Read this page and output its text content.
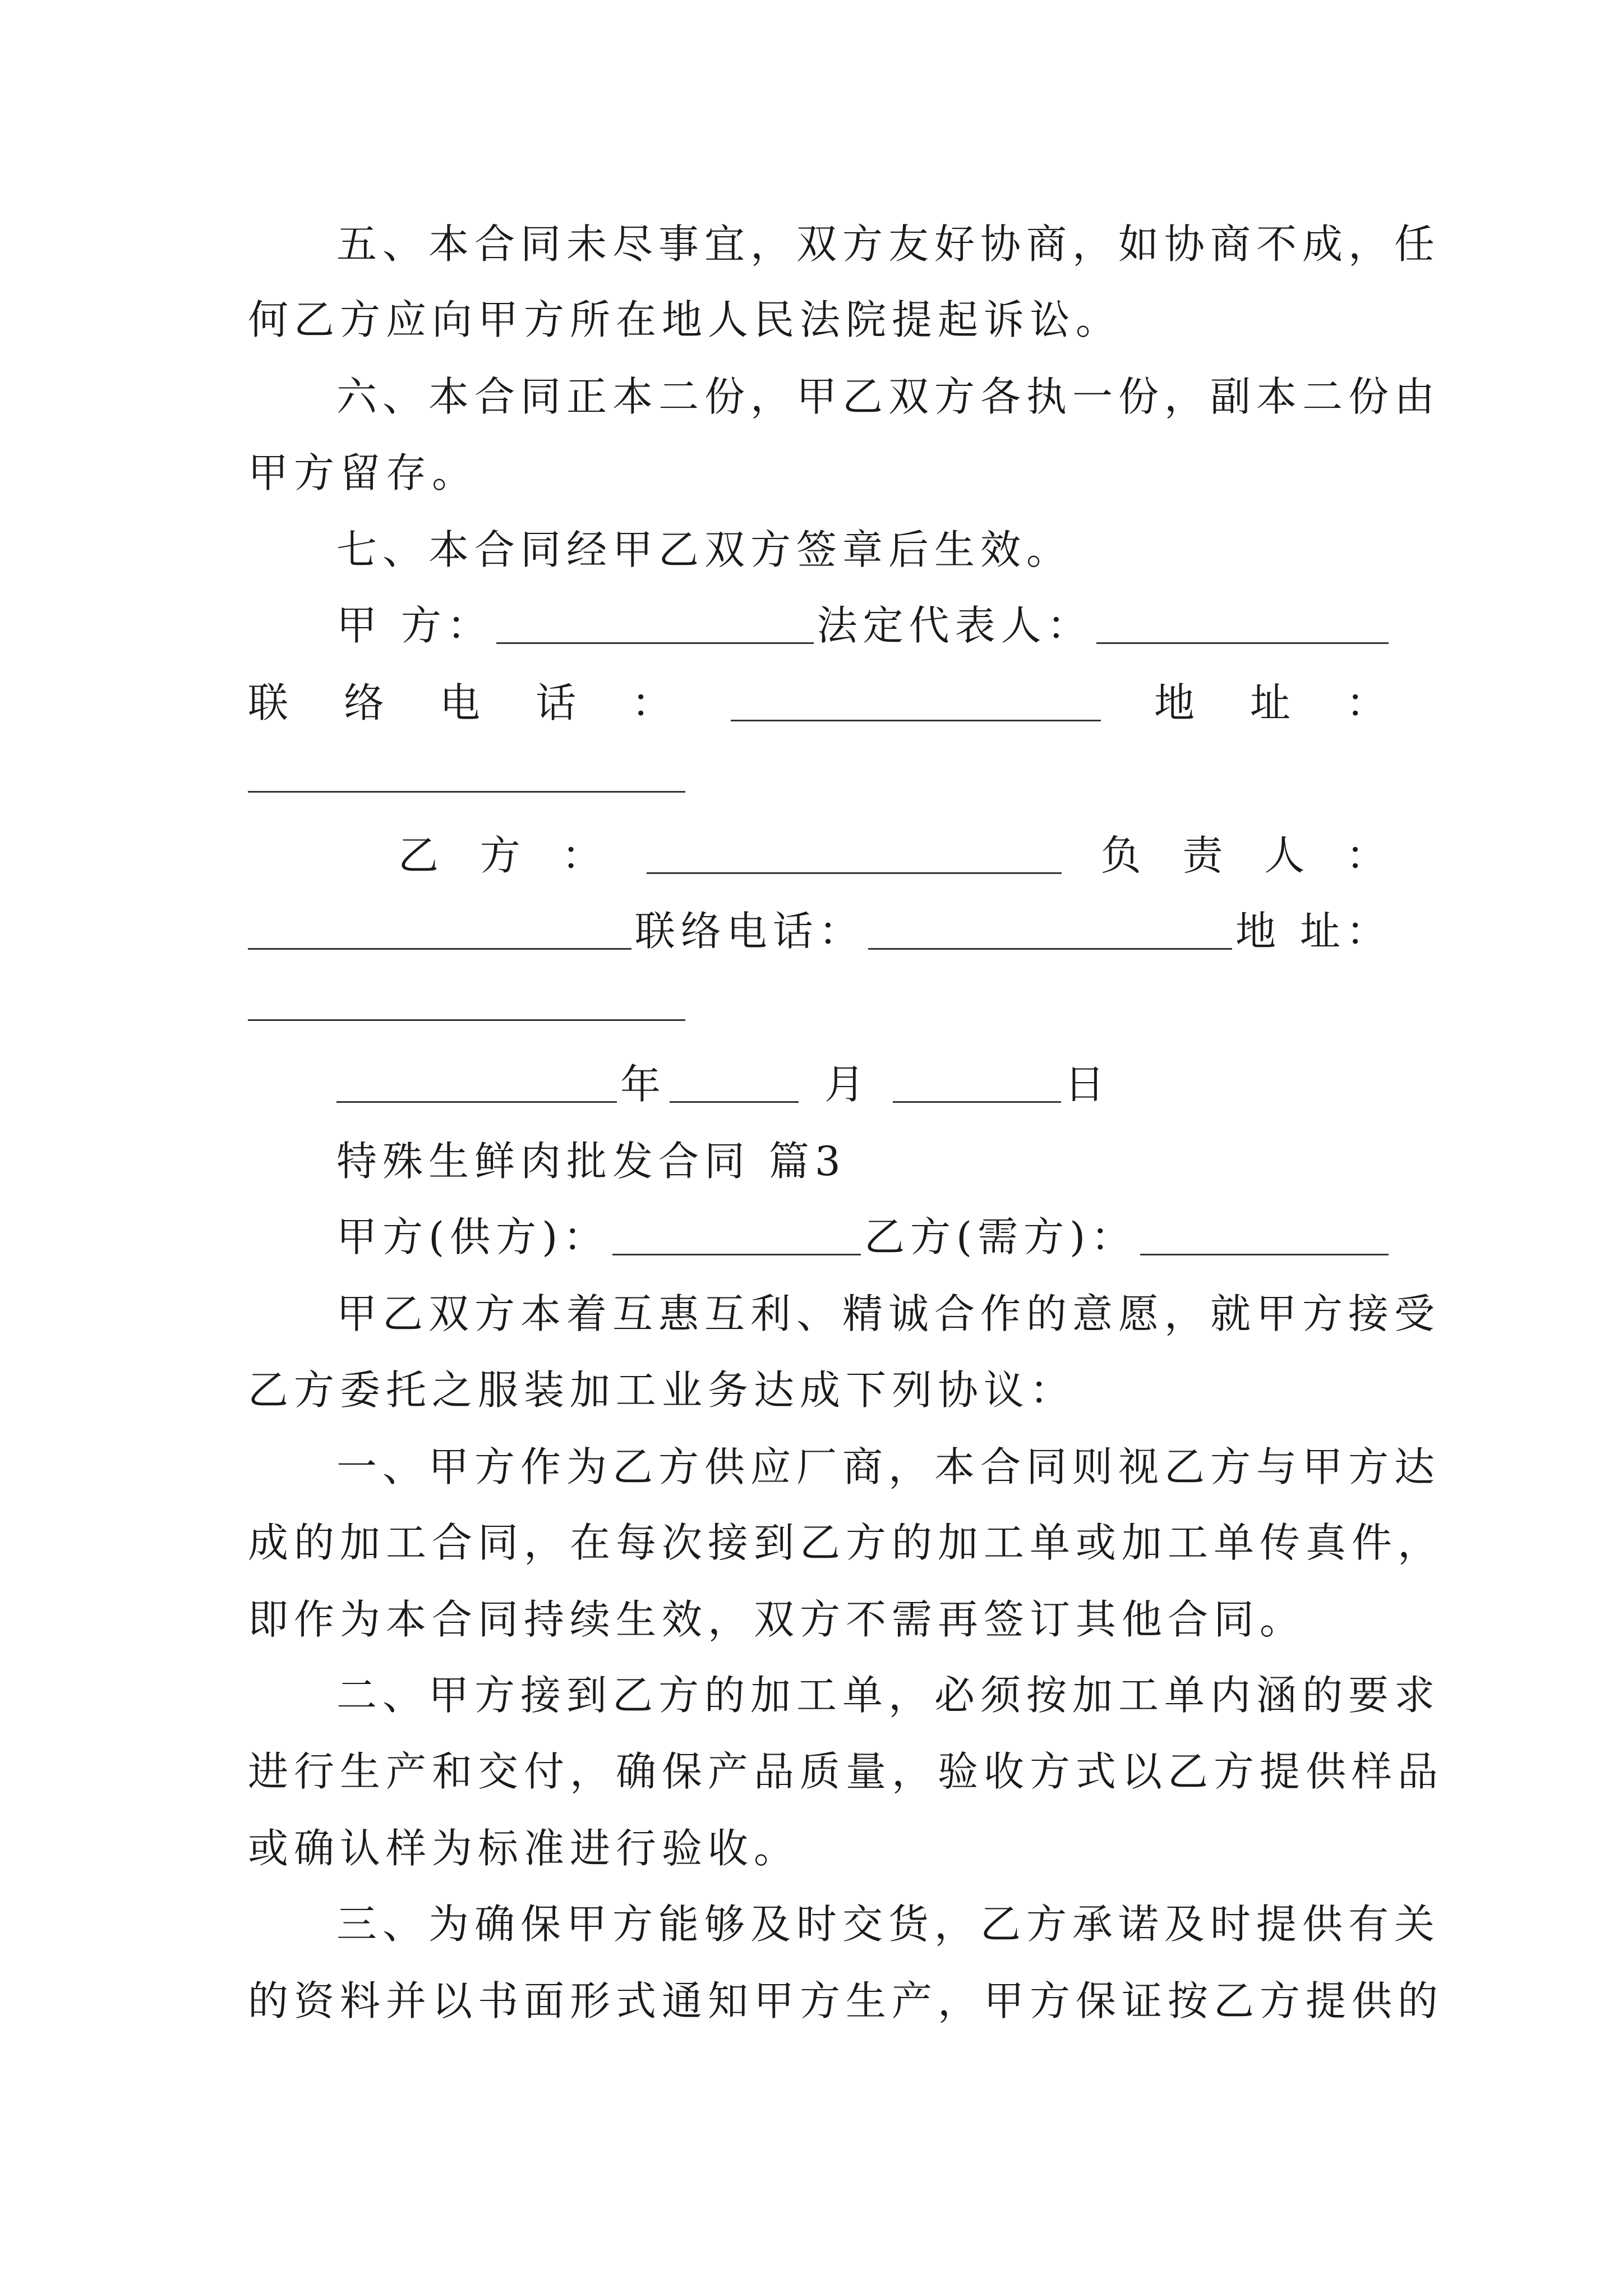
五、本合同未尽事宜，双方友好协商，如协商不成，任
何乙方应向甲方所在地人民法院提起诉讼。
六、本合同正本二份，甲乙双方各执一份，副本二份由
甲方留存。
七、本合同经甲乙双方签章后生效。
甲 方：	法定代表人：
联 络 电 话 ：	地 址 ：
乙 方 ：	负 责 人 ：
联络电话：	地 址：
年	月	日
特殊生鲜肉批发合同 篇3
甲方(供方)：	乙方(需方)：
甲乙双方本着互惠互利、精诚合作的意愿，就甲方接受
乙方委托之服装加工业务达成下列协议：
一、甲方作为乙方供应厂商，本合同则视乙方与甲方达
成的加工合同，在每次接到乙方的加工单或加工单传真件，
即作为本合同持续生效，双方不需再签订其他合同。
二、甲方接到乙方的加工单，必须按加工单内涵的要求
进行生产和交付，确保产品质量，验收方式以乙方提供样品
或确认样为标准进行验收。
三、为确保甲方能够及时交货，乙方承诺及时提供有关
的资料并以书面形式通知甲方生产，甲方保证按乙方提供的
